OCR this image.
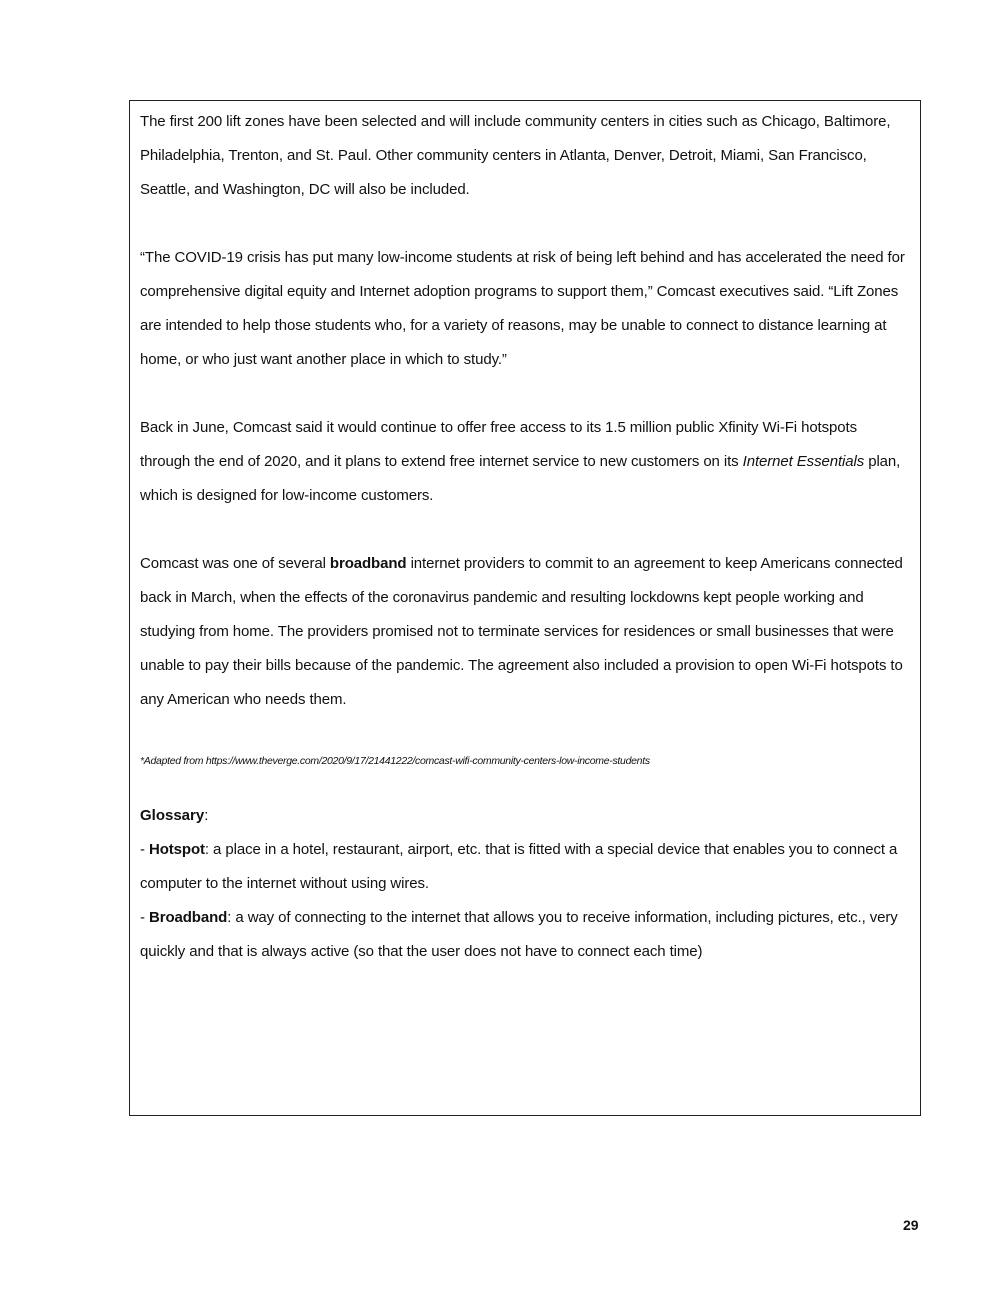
The first 200 lift zones have been selected and will include community centers in cities such as Chicago, Baltimore, Philadelphia, Trenton, and St. Paul. Other community centers in Atlanta, Denver, Detroit, Miami, San Francisco, Seattle, and Washington, DC will also be included.

“The COVID-19 crisis has put many low-income students at risk of being left behind and has accelerated the need for comprehensive digital equity and Internet adoption programs to support them,” Comcast executives said. “Lift Zones are intended to help those students who, for a variety of reasons, may be unable to connect to distance learning at home, or who just want another place in which to study.”

Back in June, Comcast said it would continue to offer free access to its 1.5 million public Xfinity Wi-Fi hotspots through the end of 2020, and it plans to extend free internet service to new customers on its Internet Essentials plan, which is designed for low-income customers.

Comcast was one of several broadband internet providers to commit to an agreement to keep Americans connected back in March, when the effects of the coronavirus pandemic and resulting lockdowns kept people working and studying from home. The providers promised not to terminate services for residences or small businesses that were unable to pay their bills because of the pandemic. The agreement also included a provision to open Wi-Fi hotspots to any American who needs them.

*Adapted from https://www.theverge.com/2020/9/17/21441222/comcast-wifi-community-centers-low-income-students

Glossary:

- Hotspot: a place in a hotel, restaurant, airport, etc. that is fitted with a special device that enables you to connect a computer to the internet without using wires.

- Broadband: a way of connecting to the internet that allows you to receive information, including pictures, etc., very quickly and that is always active (so that the user does not have to connect each time)

29
